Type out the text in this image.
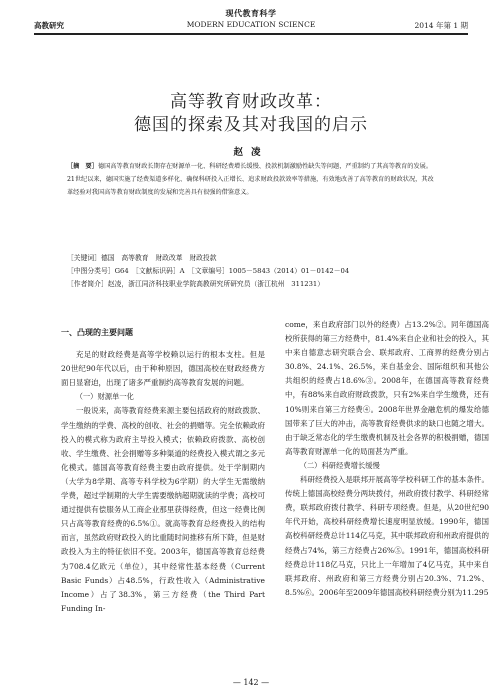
现代教育科学
高教研究	MODERN EDUCATION SCIENCE	2014 年第 1 期
高等教育财政改革：
德国的探索及其对我国的启示
赵凌
［摘　要］德国高等教育财政长期存在财源单一化、科研经费增长缓慢、投款机制激励性缺失等问题，严重制约了其高等教育的发展。21世纪以来，德国实施了经费渠道多样化、确保科研投入正增长、追求财政投款效率等措施，有效地改善了高等教育的财政状况，其改革经验对我国高等教育财政制度的发展和完善具有很强的借鉴意义。
［关键词］德国　高等教育　财政改革　财政投款
［中图分类号］G64　［文献标识码］A　［文章编号］1005－5843（2014）01－0142－04
［作者简介］赵凌，浙江同济科技职业学院高教研究所研究员（浙江杭州　311231）

一、凸现的主要问题

充足的财政经费是高等学校赖以运行的根本支柱。但是20世纪90年代以后，由于种种原因，德国高校在财政经费方面日显窘迫，出现了诸多严重制约高等教育发展的问题。

（一）财源单一化

一般说来，高等教育经费来源主要包括政府的财政拨款、学生缴纳的学费、高校的创收、社会的捐赠等。完全依赖政府投入的模式称为政府主导投入模式；依赖政府拨款、高校创收、学生缴费、社会捐赠等多种渠道的经费投入模式谓之多元化模式。德国高等教育经费主要由政府提供。处于学制期内（大学为8学期、高等专科学校为6学期）的大学生无需缴纳学费，超过学制期的大学生需要缴纳超期就读的学费；高校可通过提供有偿服务从工商企业那里获得经费，但这一经费比例只占高等教育经费的6.5%①。就高等教育总经费投入的结构而言，虽然政府财政投入的比重随时间推移有所下降，但是财政投入为主的特征依旧不变。2003年，德国高等教育总经费为708.4亿欧元（单位），其中经常性基本经费（Current Basic Funds）占48.5%，行政性收入（Administrative Income）占了38.3%，第三方经费（the Third Part Funding In-

come，来自政府部门以外的经费）占13.2%②。同年德国高校所获得的第三方经费中，81.4%来自企业和社会的投入，其中来自德意志研究联合会、联邦政府、工商界的经费分别占30.8%、24.1%、26.5%，来自基金会、国际组织和其他公共组织的经费占18.6%③。2008年，在德国高等教育经费中，有88%来自政府财政拨款，只有2%来自学生缴费，还有10%则来自第三方经费④。2008年世界金融危机的爆发给德国带来了巨大的冲击，高等教育经费供求的缺口也随之增大。由于缺乏常态化的学生缴费机制及社会各界的积极捐赠，德国高等教育财源单一化的局面甚为严重。

（二）科研经费增长缓慢

科研经费投入是联邦开展高等学校科研工作的基本条件。传统上德国高校经费分两块拨付，州政府拨付教学、科研经常费，联邦政府拨付教学、科研专项经费。但是，从20世纪90年代开始，高校科研经费增长速度明显放缓。1990年，德国高校科研经费总计114亿马克，其中联邦政府和州政府提供的经费占74%，第三方经费占26%⑤。1991年，德国高校科研经费总计118亿马克，只比上一年增加了4亿马克，其中来自联邦政府、州政府和第三方经费分别占20.3%、71.2%、8.5%⑥。2006年至2009年德国高校科研经费分别为11.295

— 142 —
